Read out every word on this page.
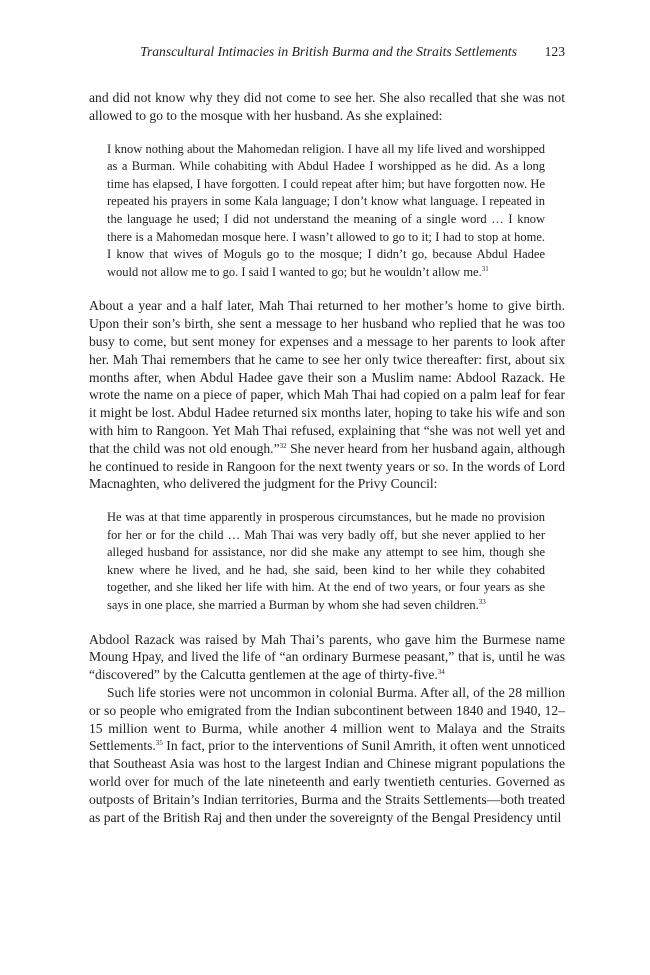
Transcultural Intimacies in British Burma and the Straits Settlements 123

and did not know why they did not come to see her. She also recalled that she was not allowed to go to the mosque with her husband. As she explained:

I know nothing about the Mahomedan religion. I have all my life lived and worshipped as a Burman. While cohabiting with Abdul Hadee I worshipped as he did. As a long time has elapsed, I have forgotten. I could repeat after him; but have forgotten now. He repeated his prayers in some Kala language; I don’t know what language. I repeated in the language he used; I did not understand the meaning of a single word … I know there is a Mahomedan mosque here. I wasn’t allowed to go to it; I had to stop at home. I know that wives of Moguls go to the mosque; I didn’t go, because Abdul Hadee would not allow me to go. I said I wanted to go; but he wouldn’t allow me.$^{31}$

About a year and a half later, Mah Thai returned to her mother’s home to give birth. Upon their son’s birth, she sent a message to her husband who replied that he was too busy to come, but sent money for expenses and a message to her parents to look after her. Mah Thai remembers that he came to see her only twice thereafter: first, about six months after, when Abdul Hadee gave their son a Muslim name: Abdool Razack. He wrote the name on a piece of paper, which Mah Thai had copied on a palm leaf for fear it might be lost. Abdul Hadee returned six months later, hoping to take his wife and son with him to Rangoon. Yet Mah Thai refused, explaining that “she was not well yet and that the child was not old enough.”$^{32}$ She never heard from her husband again, although he continued to reside in Rangoon for the next twenty years or so. In the words of Lord Macnaghten, who delivered the judgment for the Privy Council:

He was at that time apparently in prosperous circumstances, but he made no provision for her or for the child … Mah Thai was very badly off, but she never applied to her alleged husband for assistance, nor did she make any attempt to see him, though she knew where he lived, and he had, she said, been kind to her while they cohabited together, and she liked her life with him. At the end of two years, or four years as she says in one place, she married a Burman by whom she had seven children.$^{33}$

Abdool Razack was raised by Mah Thai’s parents, who gave him the Burmese name Moung Hpay, and lived the life of “an ordinary Burmese peasant,” that is, until he was “discovered” by the Calcutta gentlemen at the age of thirty-five.$^{34}$

Such life stories were not uncommon in colonial Burma. After all, of the 28 million or so people who emigrated from the Indian subcontinent between 1840 and 1940, 12–15 million went to Burma, while another 4 million went to Malaya and the Straits Settlements.$^{35}$ In fact, prior to the interventions of Sunil Amrith, it often went unnoticed that Southeast Asia was host to the largest Indian and Chinese migrant populations the world over for much of the late nineteenth and early twentieth centuries. Governed as outposts of Britain’s Indian territories, Burma and the Straits Settlements—both treated as part of the British Raj and then under the sovereignty of the Bengal Presidency until
